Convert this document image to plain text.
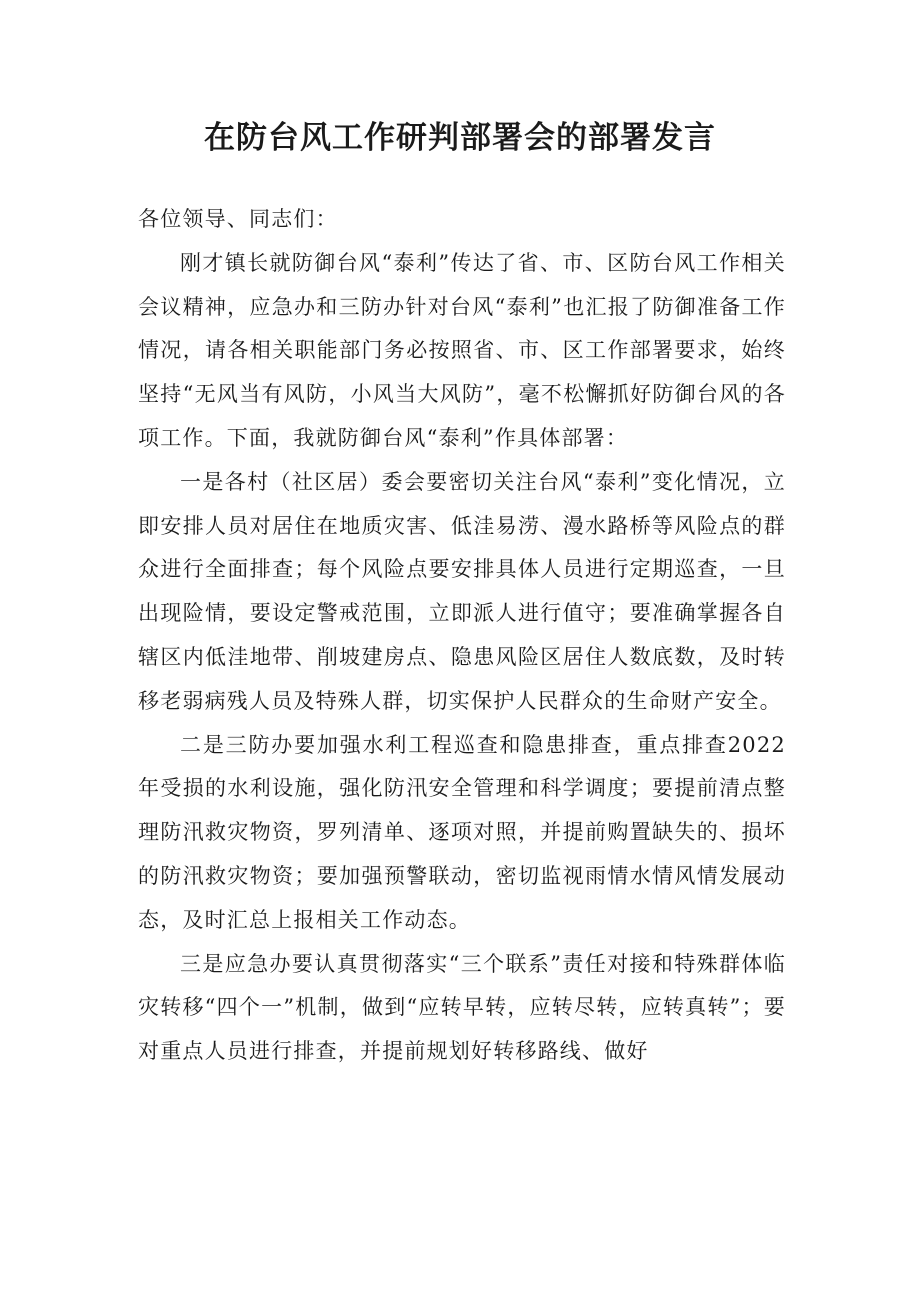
在防台风工作研判部署会的部署发言

各位领导、同志们：

刚才镇长就防御台风“泰利”传达了省、市、区防台风工作相关会议精神，应急办和三防办针对台风“泰利”也汇报了防御准备工作情况，请各相关职能部门务必按照省、市、区工作部署要求，始终坚持“无风当有风防，小风当大风防”，毫不松懈抓好防御台风的各项工作。下面，我就防御台风“泰利”作具体部署：

一是各村（社区居）委会要密切关注台风“泰利”变化情况，立即安排人员对居住在地质灾害、低洼易涝、漫水路桥等风险点的群众进行全面排查；每个风险点要安排具体人员进行定期巡查，一旦出现险情，要设定警戒范围，立即派人进行值守；要准确掌握各自辖区内低洼地带、削坡建房点、隐患风险区居住人数底数，及时转移老弱病残人员及特殊人群，切实保护人民群众的生命财产安全。

二是三防办要加强水利工程巡查和隐患排查，重点排查2022年受损的水利设施，强化防汛安全管理和科学调度；要提前清点整理防汛救灾物资，罗列清单、逐项对照，并提前购置缺失的、损坏的防汛救灾物资；要加强预警联动，密切监视雨情水情风情发展动态，及时汇总上报相关工作动态。

三是应急办要认真贯彻落实“三个联系”责任对接和特殊群体临灾转移“四个一”机制，做到“应转早转，应转尽转，应转真转”；要对重点人员进行排查，并提前规划好转移路线、做好
